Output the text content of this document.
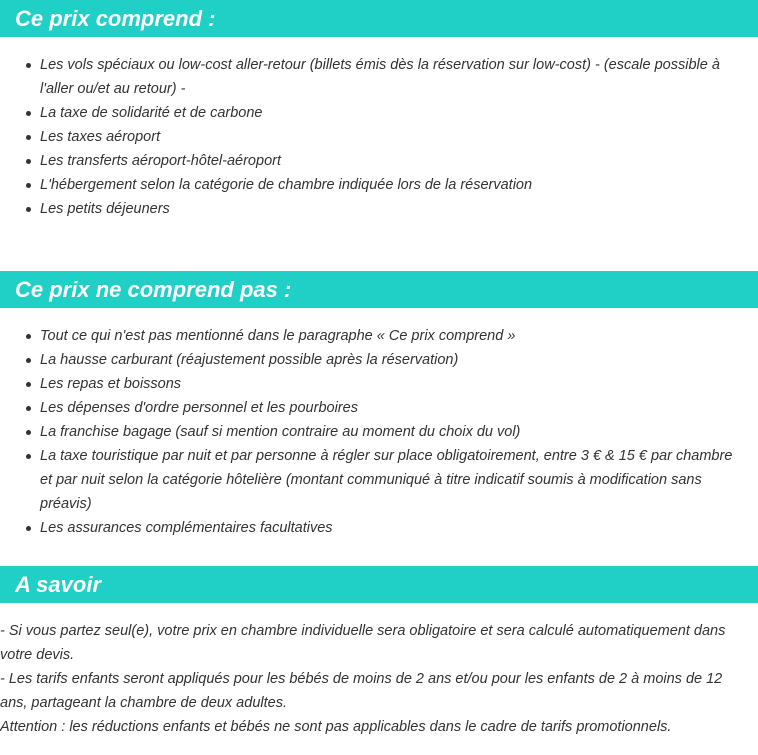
Ce prix comprend :
Les vols spéciaux ou low-cost aller-retour (billets émis dès la réservation sur low-cost) - (escale possible à l'aller ou/et au retour) -
La taxe de solidarité et de carbone
Les taxes aéroport
Les transferts aéroport-hôtel-aéroport
L'hébergement selon la catégorie de chambre indiquée lors de la réservation
Les petits déjeuners
Ce prix ne comprend pas :
Tout ce qui n'est pas mentionné dans le paragraphe « Ce prix comprend »
La hausse carburant (réajustement possible après la réservation)
Les repas et boissons
Les dépenses d'ordre personnel et les pourboires
La franchise bagage (sauf si mention contraire au moment du choix du vol)
La taxe touristique par nuit et par personne à régler sur place obligatoirement, entre 3 € & 15 € par chambre et par nuit selon la catégorie hôtelière (montant communiqué à titre indicatif soumis à modification sans préavis)
Les assurances complémentaires facultatives
A savoir

- Si vous partez seul(e), votre prix en chambre individuelle sera obligatoire et sera calculé automatiquement dans votre devis.

- Les tarifs enfants seront appliqués pour les bébés de moins de 2 ans et/ou pour les enfants de 2 à moins de 12 ans, partageant la chambre de deux adultes.

Attention : les réductions enfants et bébés ne sont pas applicables dans le cadre de tarifs promotionnels.
